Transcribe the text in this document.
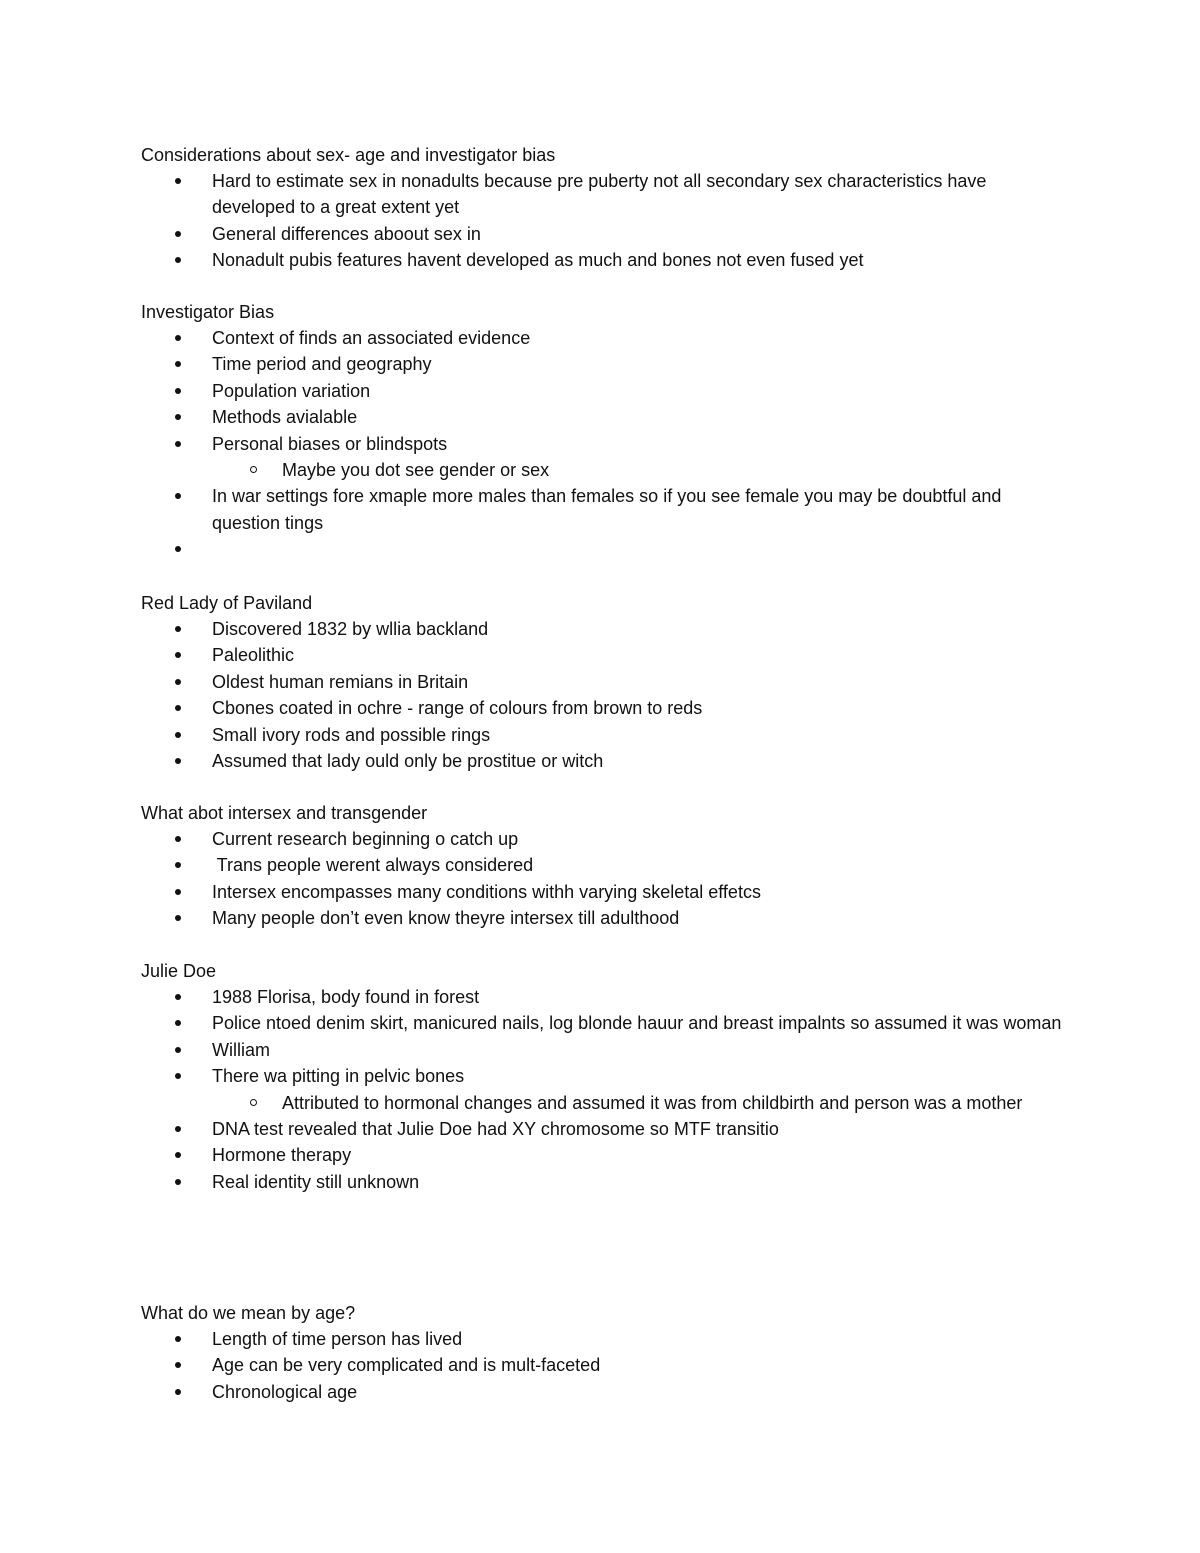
Considerations about sex- age and investigator bias
Hard to estimate sex in nonadults because pre puberty not all secondary sex characteristics have developed to a great extent yet
General differences aboout sex in
Nonadult pubis features havent developed as much and bones not even fused yet
Investigator Bias
Context of finds an associated evidence
Time period and geography
Population variation
Methods avialable
Personal biases or blindspots
Maybe you dot see gender or sex
In war settings fore xmaple more males than females so if you see female you may be doubtful and question tings
Red Lady of Paviland
Discovered 1832 by wllia backland
Paleolithic
Oldest human remians in Britain
Cbones coated in ochre - range of colours from brown to reds
Small ivory rods and possible rings
Assumed that lady ould only be prostitue or witch
What abot intersex and transgender
Current research beginning o catch up
Trans people werent always considered
Intersex encompasses many conditions withh varying skeletal effetcs
Many people don’t even know theyre intersex till adulthood
Julie Doe
1988 Florisa, body found in forest
Police ntoed denim skirt, manicured nails, log blonde hauur and breast impalnts so assumed it was woman
William
There wa pitting in pelvic bones
Attributed to hormonal changes and assumed it was from childbirth and person was a mother
DNA test revealed that Julie Doe had XY chromosome so MTF transitio
Hormone therapy
Real identity still unknown
What do we mean by age?
Length of time person has lived
Age can be very complicated and is mult-faceted
Chronological age
